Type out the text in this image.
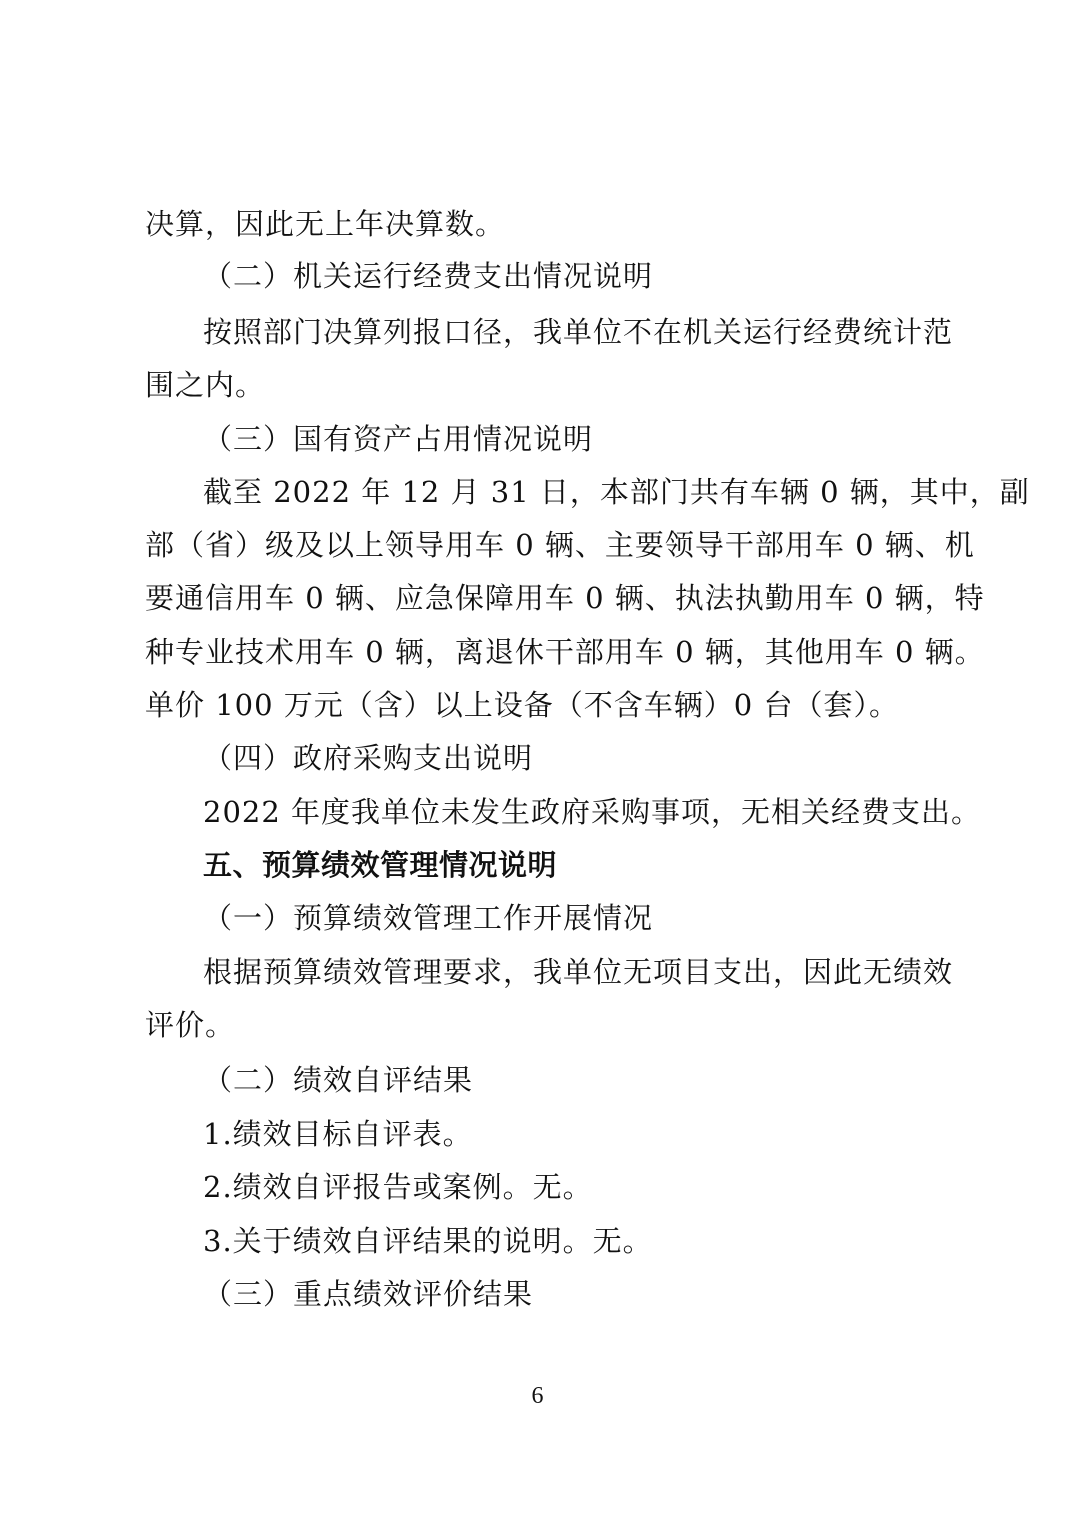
决算，因此无上年决算数。
（二）机关运行经费支出情况说明
按照部门决算列报口径，我单位不在机关运行经费统计范
围之内。
（三）国有资产占用情况说明
截至 2022 年 12 月 31 日，本部门共有车辆 0 辆，其中，副
部（省）级及以上领导用车 0 辆、主要领导干部用车 0 辆、机
要通信用车 0 辆、应急保障用车 0 辆、执法执勤用车 0 辆，特
种专业技术用车 0 辆，离退休干部用车 0 辆，其他用车 0 辆。
单价 100 万元（含）以上设备（不含车辆）0 台（套）。
（四）政府采购支出说明
2022 年度我单位未发生政府采购事项，无相关经费支出。
五、预算绩效管理情况说明
（一）预算绩效管理工作开展情况
根据预算绩效管理要求，我单位无项目支出，因此无绩效
评价。
（二）绩效自评结果
1.绩效目标自评表。
2.绩效自评报告或案例。无。
3.关于绩效自评结果的说明。无。
（三）重点绩效评价结果
6
